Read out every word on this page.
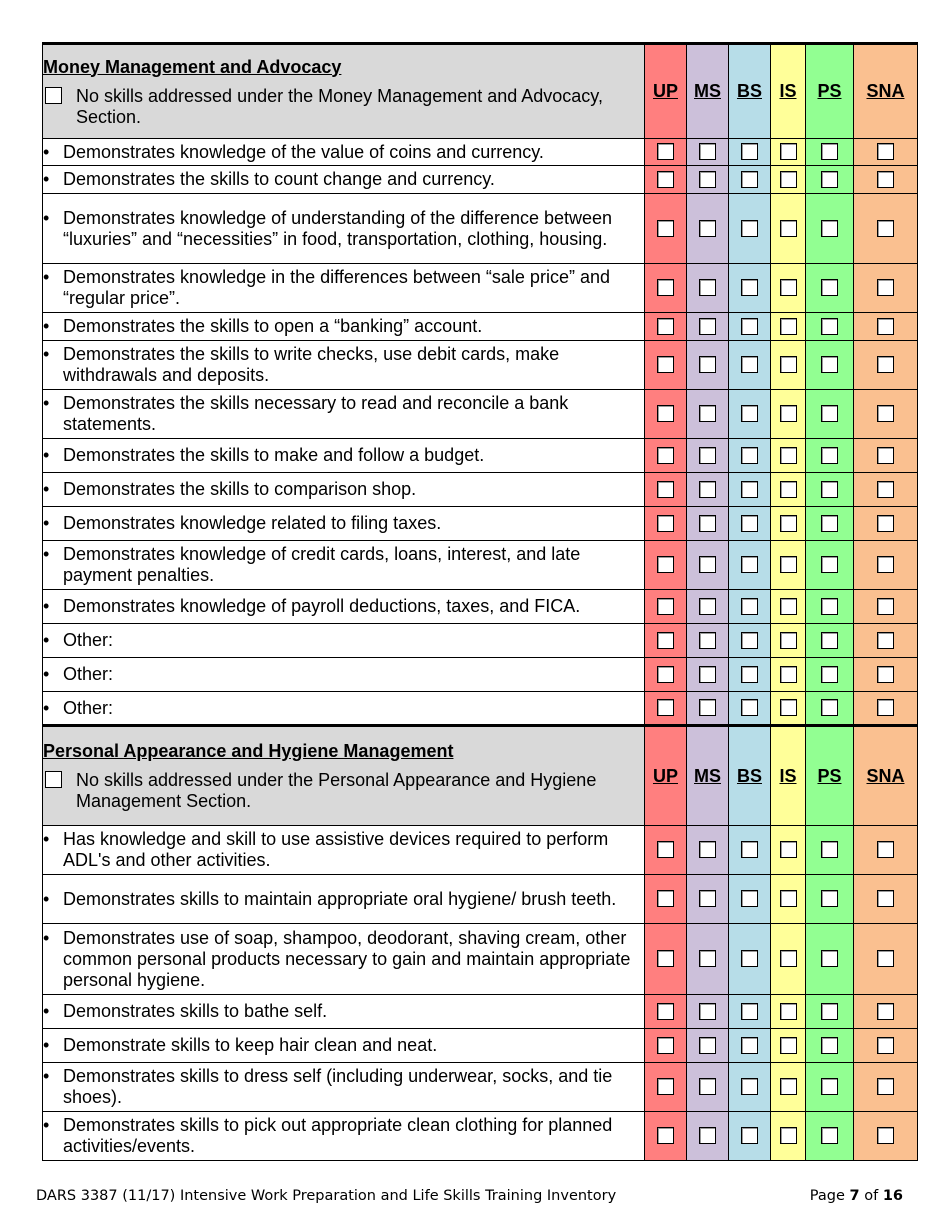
Money Management and Advocacy
No skills addressed under the Money Management and Advocacy, Section.	UP	MS	BS	IS	PS	SNA

• Demonstrates knowledge of the value of coins and currency.						

• Demonstrates the skills to count change and currency.						

• Demonstrates knowledge of understanding of the difference between “luxuries” and “necessities” in food, transportation, clothing, housing.						

• Demonstrates knowledge in the differences between “sale price” and “regular price”.						

• Demonstrates the skills to open a “banking” account.						

• Demonstrates the skills to write checks, use debit cards, make withdrawals and deposits.						

• Demonstrates the skills necessary to read and reconcile a bank statements.						

• Demonstrates the skills to make and follow a budget.						

• Demonstrates the skills to comparison shop.						

• Demonstrates knowledge related to filing taxes.						

• Demonstrates knowledge of credit cards, loans, interest, and late payment penalties.						

• Demonstrates knowledge of payroll deductions, taxes, and FICA.						

• Other:						

• Other:						

• Other:						

Personal Appearance and Hygiene Management
No skills addressed under the Personal Appearance and Hygiene Management Section.	UP	MS	BS	IS	PS	SNA

• Has knowledge and skill to use assistive devices required to perform ADL's and other activities.						

• Demonstrates skills to maintain appropriate oral hygiene/ brush teeth.						

• Demonstrates use of soap, shampoo, deodorant, shaving cream, other common personal products necessary to gain and maintain appropriate personal hygiene.						

• Demonstrates skills to bathe self.						

• Demonstrate skills to keep hair clean and neat.						

• Demonstrates skills to dress self (including underwear, socks, and tie shoes).						

• Demonstrates skills to pick out appropriate clean clothing for planned activities/events.						

DARS 3387 (11/17) Intensive Work Preparation and Life Skills Training Inventory	Page 7 of 16
